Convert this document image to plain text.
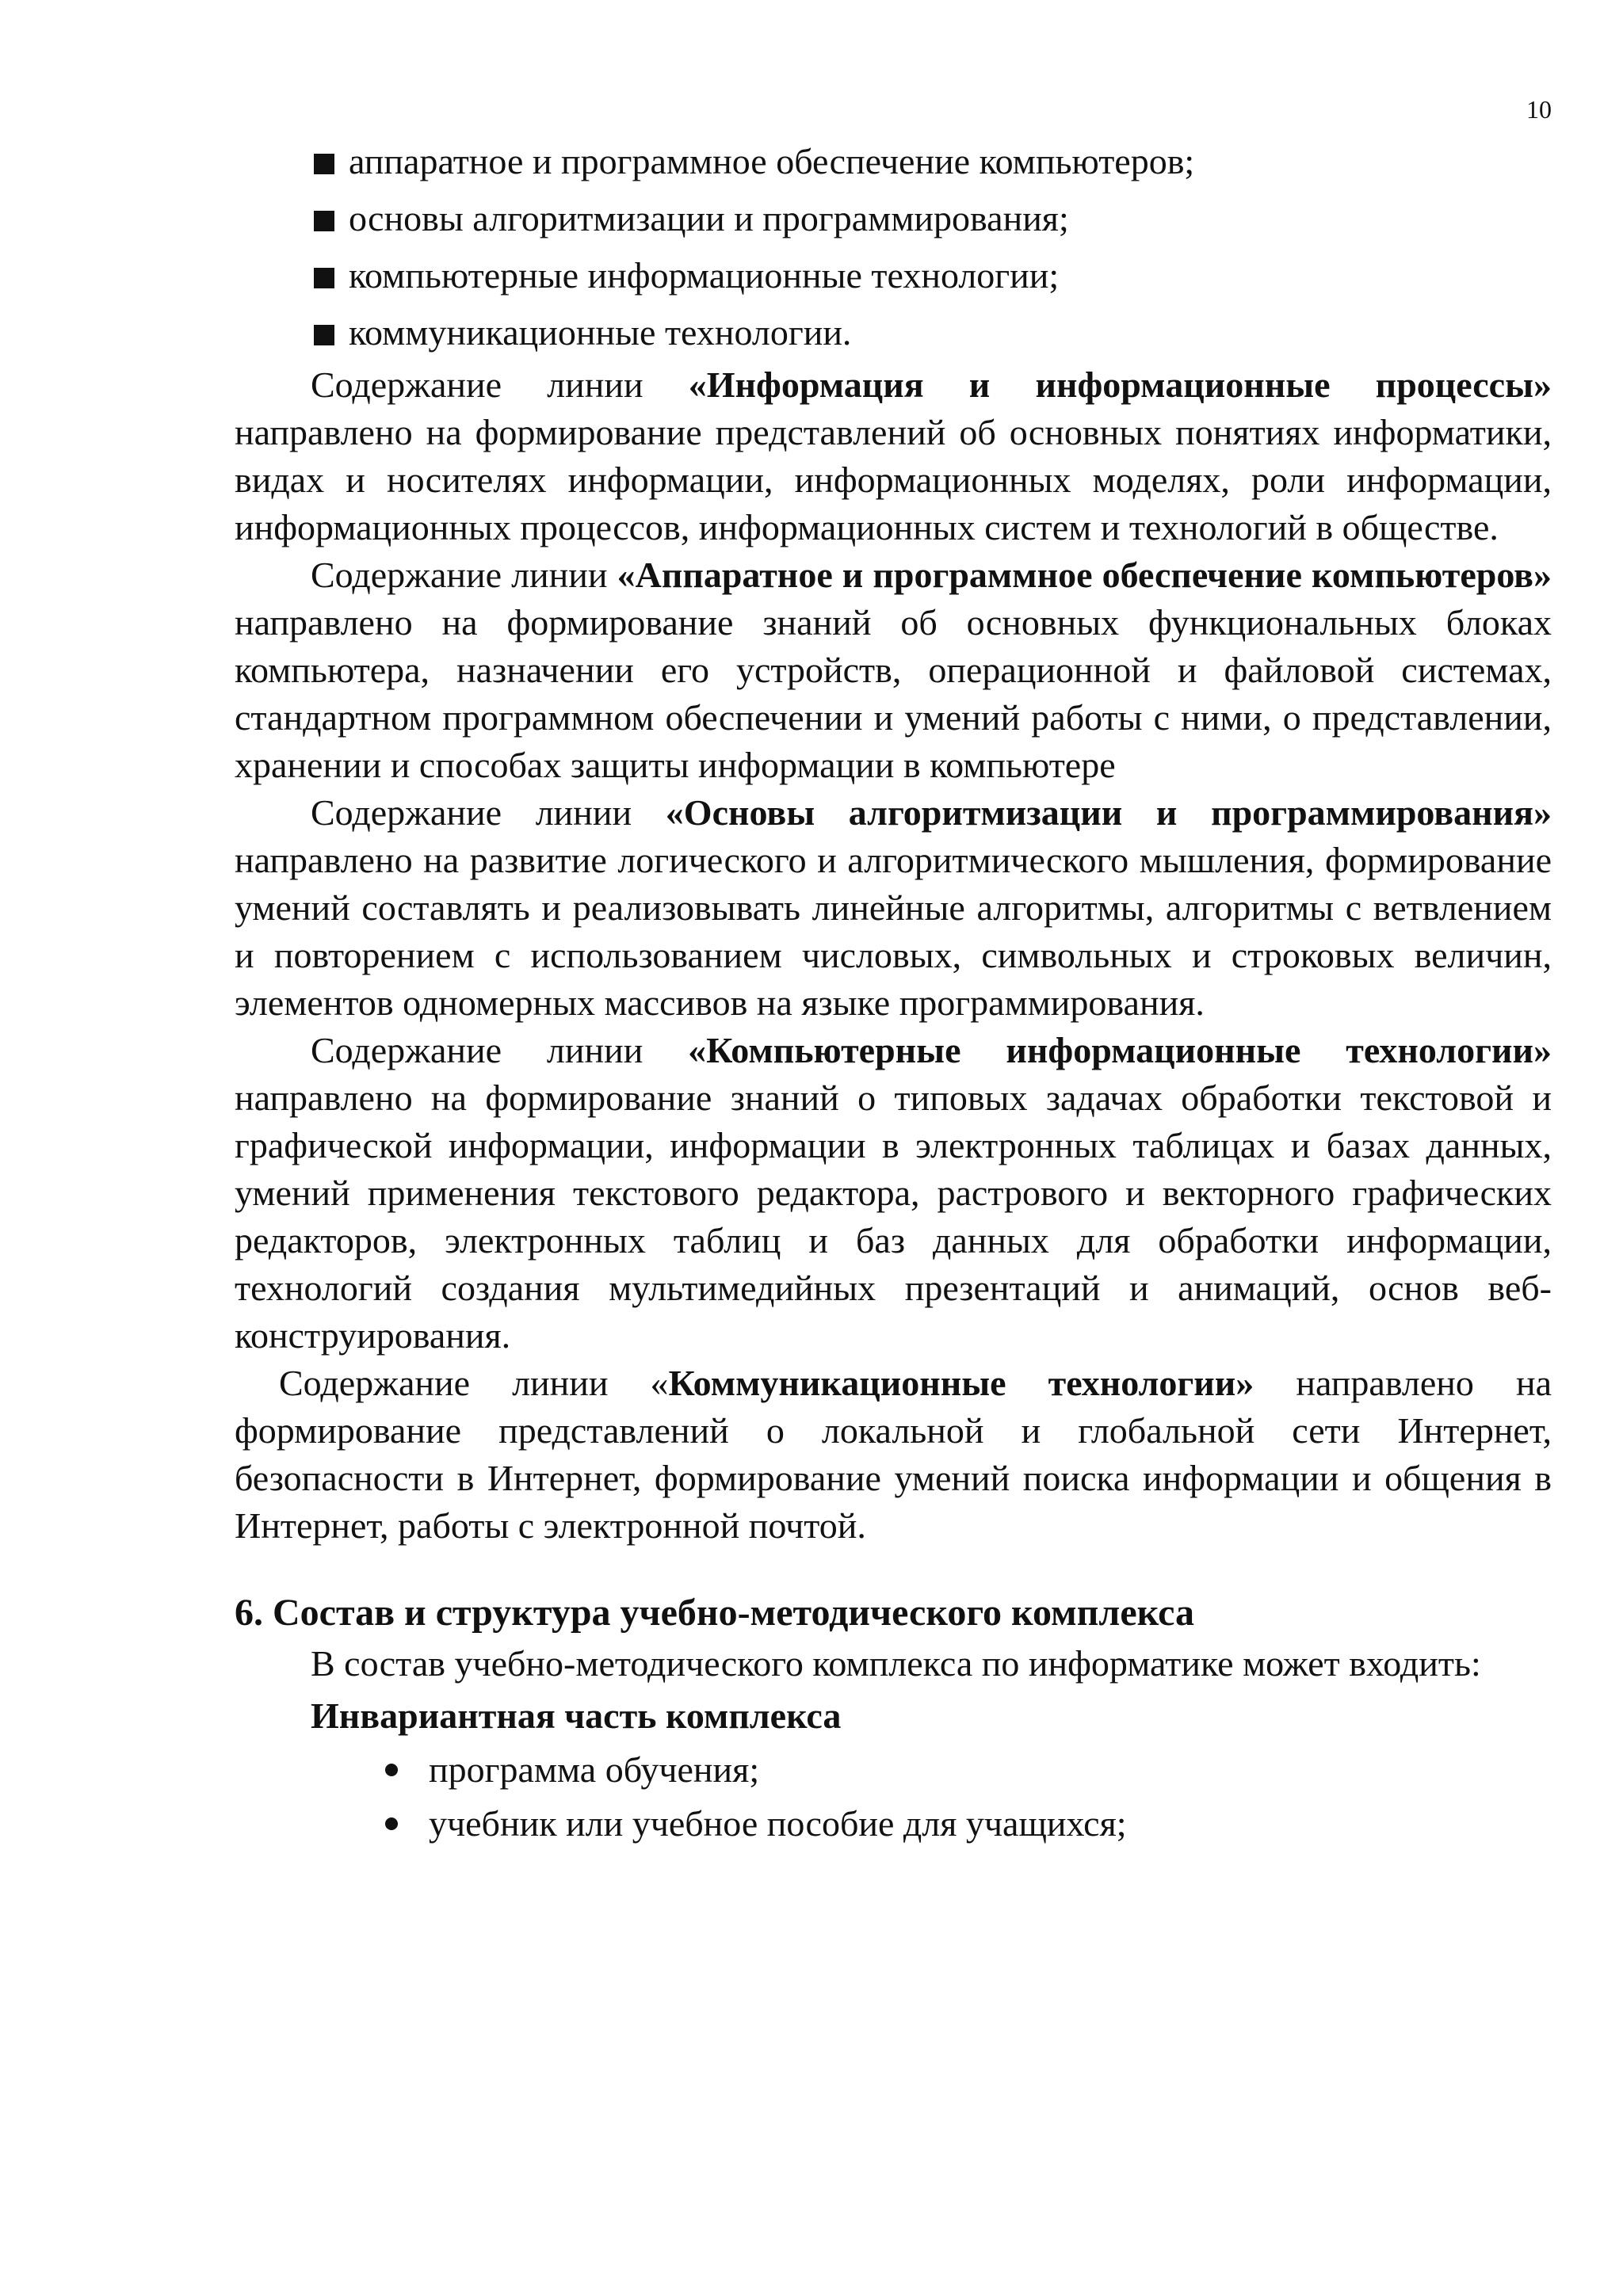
10
аппаратное и программное обеспечение компьютеров;
основы алгоритмизации и программирования;
компьютерные информационные технологии;
коммуникационные технологии.

Содержание линии «Информация и информационные процессы» направлено на формирование представлений об основных понятиях информатики, видах и носителях информации, информационных моделях, роли информации, информационных процессов, информационных систем и технологий в обществе.

Содержание линии «Аппаратное и программное обеспечение компьютеров» направлено на формирование знаний об основных функциональных блоках компьютера, назначении его устройств, операционной и файловой системах, стандартном программном обеспечении и умений работы с ними, о представлении, хранении и способах защиты информации в компьютере

Содержание линии «Основы алгоритмизации и программирования» направлено на развитие логического и алгоритмического мышления, формирование умений составлять и реализовывать линейные алгоритмы, алгоритмы с ветвлением и повторением с использованием числовых, символьных и строковых величин, элементов одномерных массивов на языке программирования.

Содержание линии «Компьютерные информационные технологии» направлено на формирование знаний о типовых задачах обработки текстовой и графической информации, информации в электронных таблицах и базах данных, умений применения текстового редактора, растрового и векторного графических редакторов, электронных таблиц и баз данных для обработки информации, технологий создания мультимедийных презентаций и анимаций, основ веб-конструирования.

Содержание линии «Коммуникационные технологии» направлено на формирование представлений о локальной и глобальной сети Интернет, безопасности в Интернет, формирование умений поиска информации и общения в Интернет, работы с электронной почтой.

6. Состав и структура учебно-методического комплекса

В состав учебно-методического комплекса по информатике может входить:

Инвариантная часть комплекса
программа обучения;
учебник или учебное пособие для учащихся;
